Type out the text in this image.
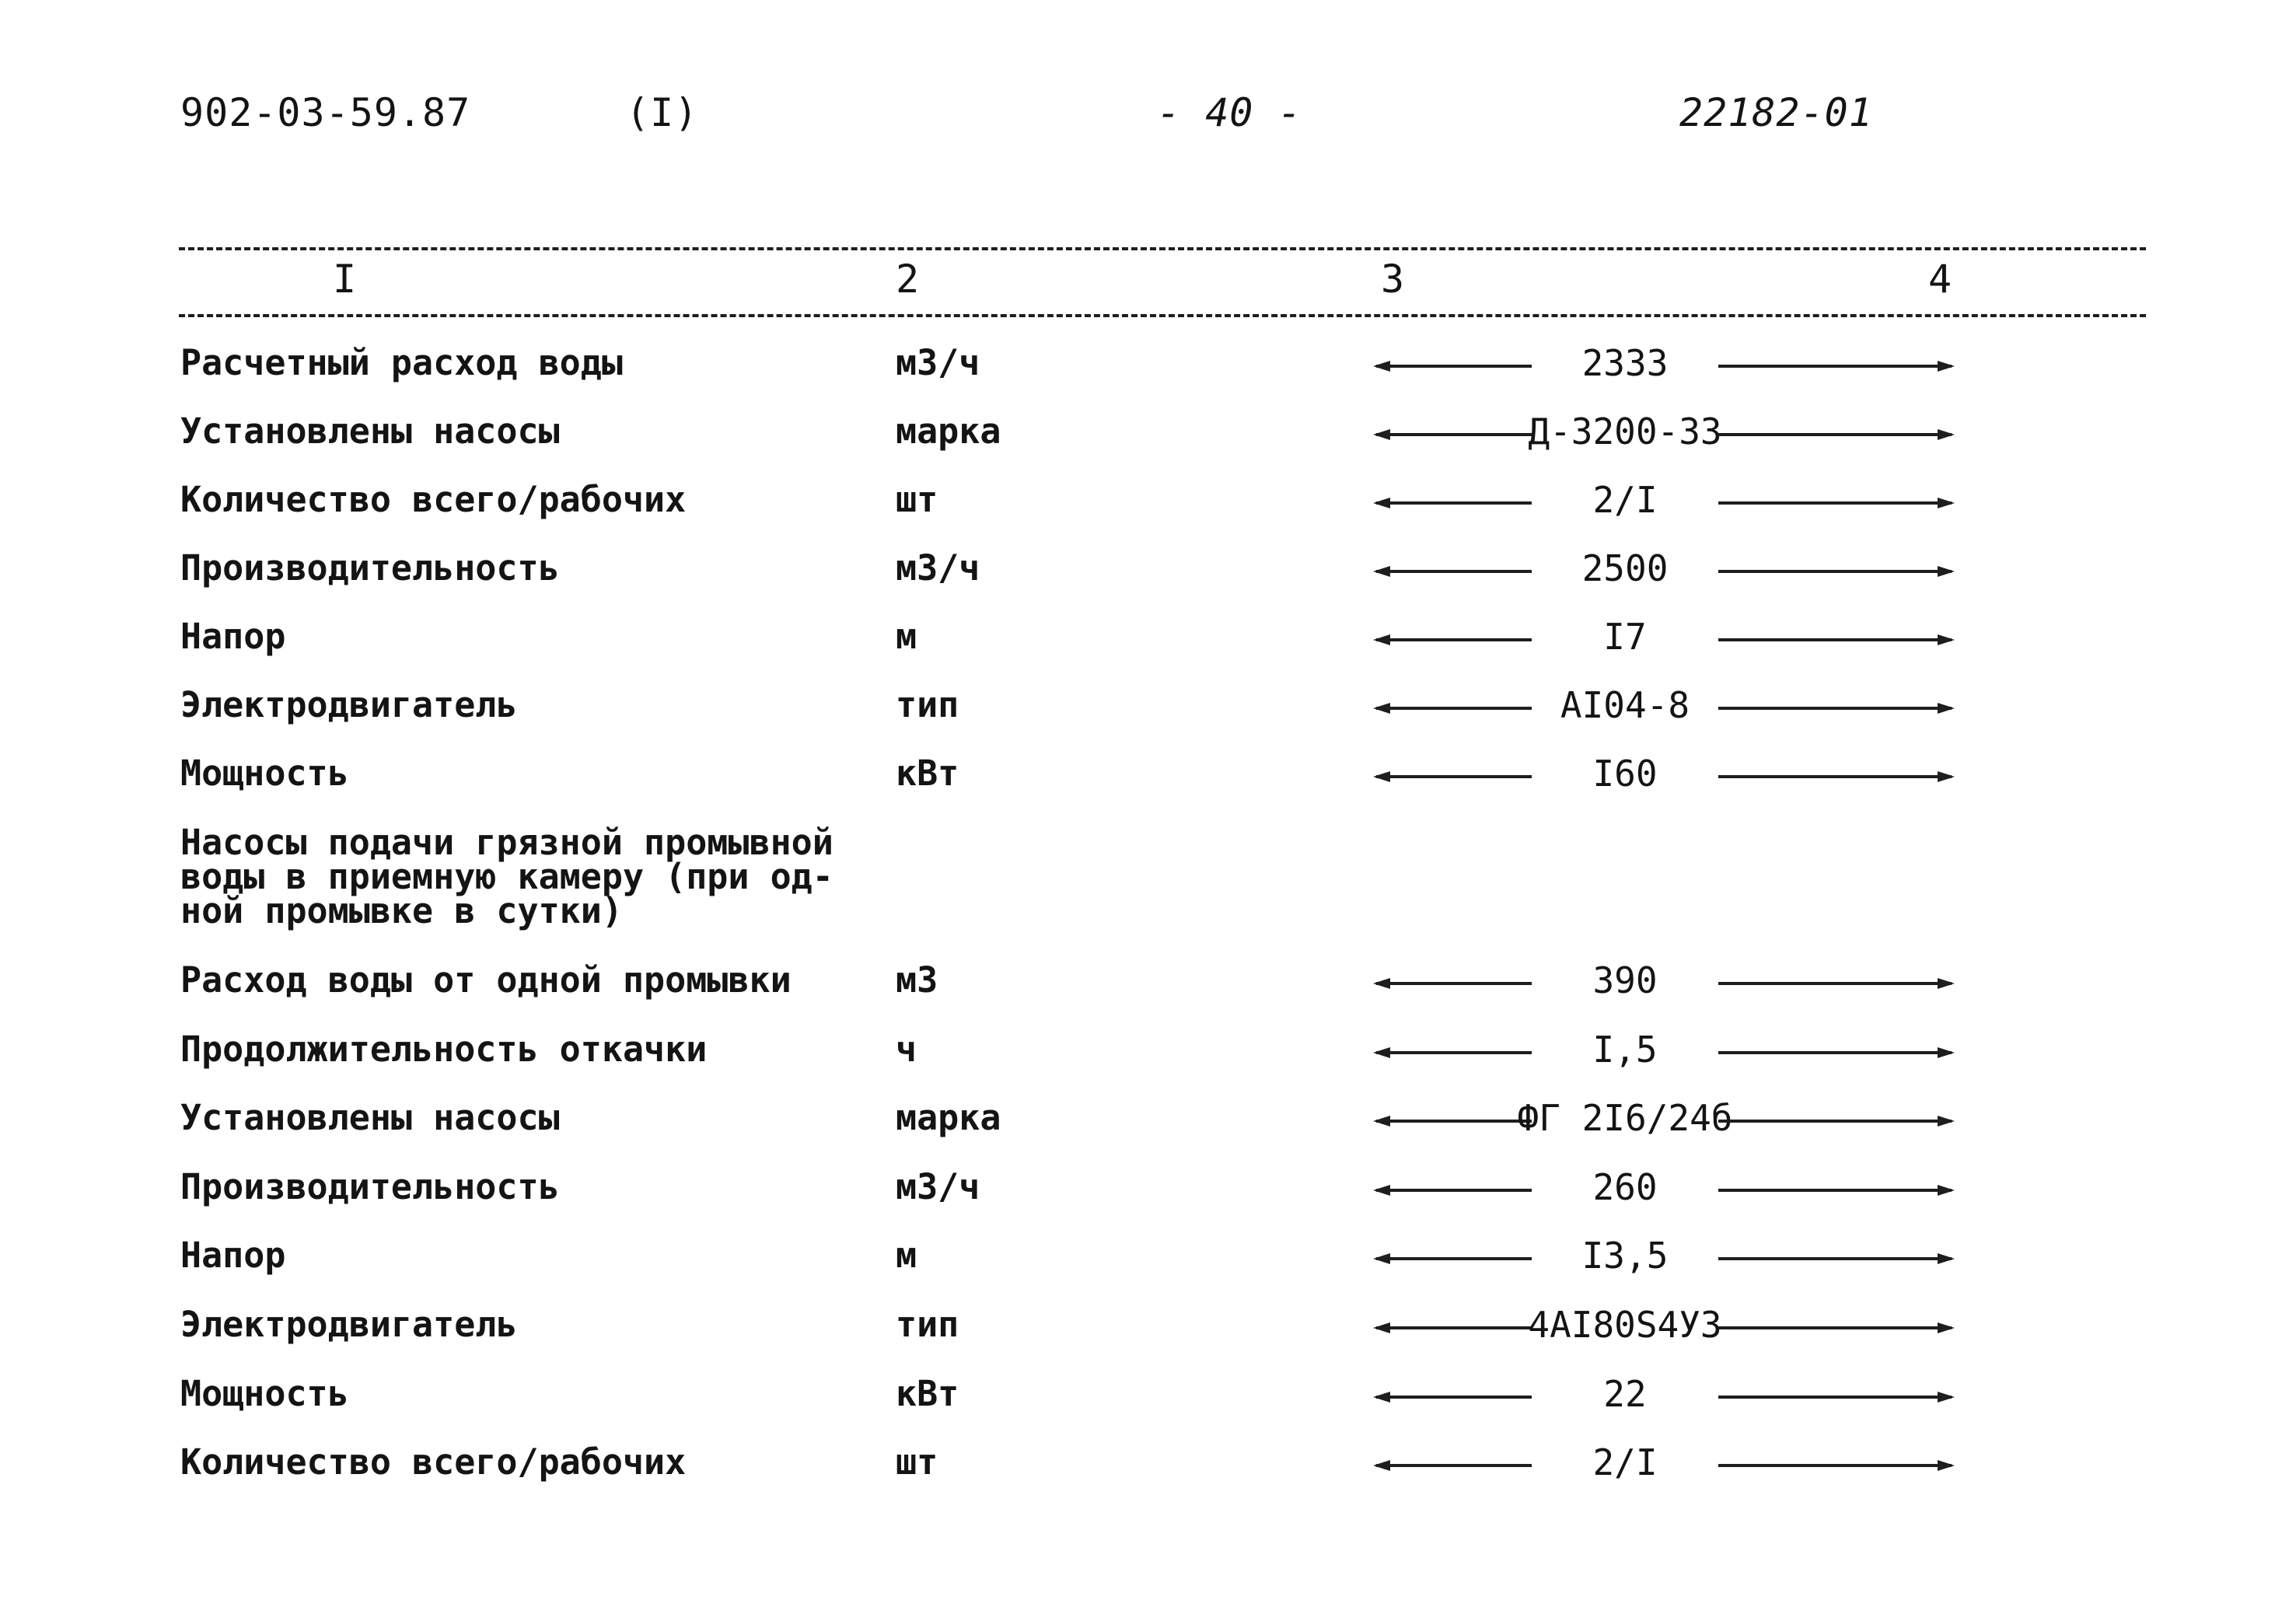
902-03-59.87	(I)	- 40 -	22182-01
I	2	3	4
Расчетный расход воды	м3/ч	2333
Установлены насосы	марка	Д-3200-33
Количество всего/рабочих	шт	2/I
Производительность	м3/ч	2500
Напор	м	I7
Электродвигатель	тип	АI04-8
Мощность	кВт	I60
Насосы подачи грязной промывной
воды в приемную камеру (при од-
ной промывке в сутки)
Расход воды от одной промывки	м3	390
Продолжительность откачки	ч	I,5
Установлены насосы	марка	ФГ 2I6/24б
Производительность	м3/ч	260
Напор	м	I3,5
Электродвигатель	тип	4АI80S4У3
Мощность	кВт	22
Количество всего/рабочих	шт	2/I
